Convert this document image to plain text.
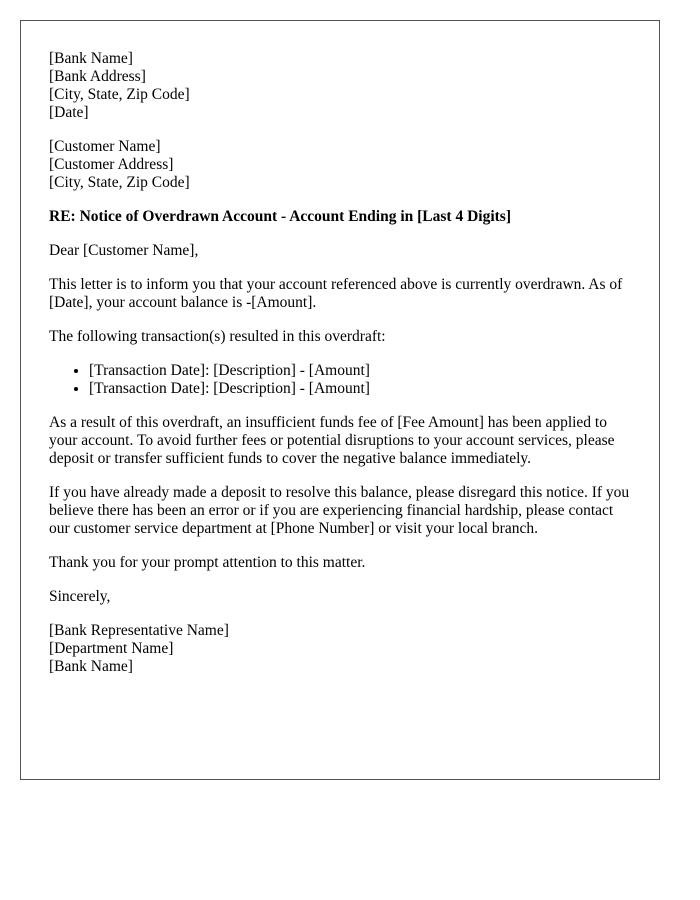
[Bank Name]
[Bank Address]
[City, State, Zip Code]
[Date]
[Customer Name]
[Customer Address]
[City, State, Zip Code]
RE: Notice of Overdrawn Account - Account Ending in [Last 4 Digits]

Dear [Customer Name],

This letter is to inform you that your account referenced above is currently overdrawn. As of [Date], your account balance is -[Amount].

The following transaction(s) resulted in this overdraft:

• [Transaction Date]: [Description] - [Amount]
• [Transaction Date]: [Description] - [Amount]

As a result of this overdraft, an insufficient funds fee of [Fee Amount] has been applied to your account. To avoid further fees or potential disruptions to your account services, please deposit or transfer sufficient funds to cover the negative balance immediately.

If you have already made a deposit to resolve this balance, please disregard this notice. If you believe there has been an error or if you are experiencing financial hardship, please contact our customer service department at [Phone Number] or visit your local branch.

Thank you for your prompt attention to this matter.

Sincerely,

[Bank Representative Name]
[Department Name]
[Bank Name]
